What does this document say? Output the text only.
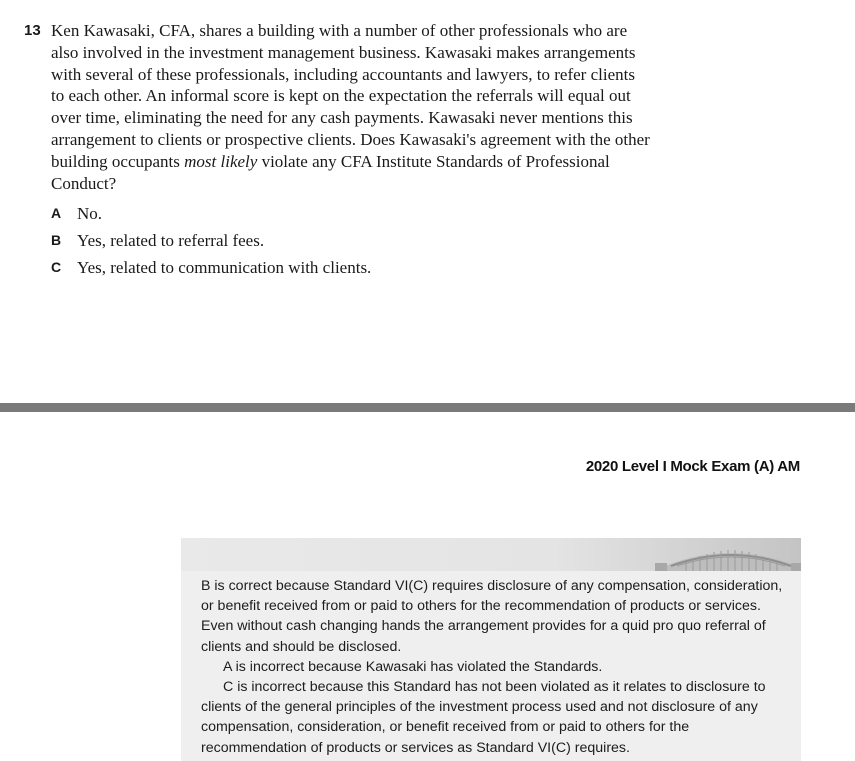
13 Ken Kawasaki, CFA, shares a building with a number of other professionals who are also involved in the investment management business. Kawasaki makes arrangements with several of these professionals, including accountants and lawyers, to refer clients to each other. An informal score is kept on the expectation the referrals will equal out over time, eliminating the need for any cash payments. Kawasaki never mentions this arrangement to clients or prospective clients. Does Kawasaki's agreement with the other building occupants most likely violate any CFA Institute Standards of Professional Conduct?
A No.
B Yes, related to referral fees.
C Yes, related to communication with clients.
2020 Level I Mock Exam (A) AM

B is correct because Standard VI(C) requires disclosure of any compensation, consideration, or benefit received from or paid to others for the recommendation of products or services. Even without cash changing hands the arrangement provides for a quid pro quo referral of clients and should be disclosed.

A is incorrect because Kawasaki has violated the Standards.

C is incorrect because this Standard has not been violated as it relates to disclosure to clients of the general principles of the investment process used and not disclosure of any compensation, consideration, or benefit received from or paid to others for the recommendation of products or services as Standard VI(C) requires.
